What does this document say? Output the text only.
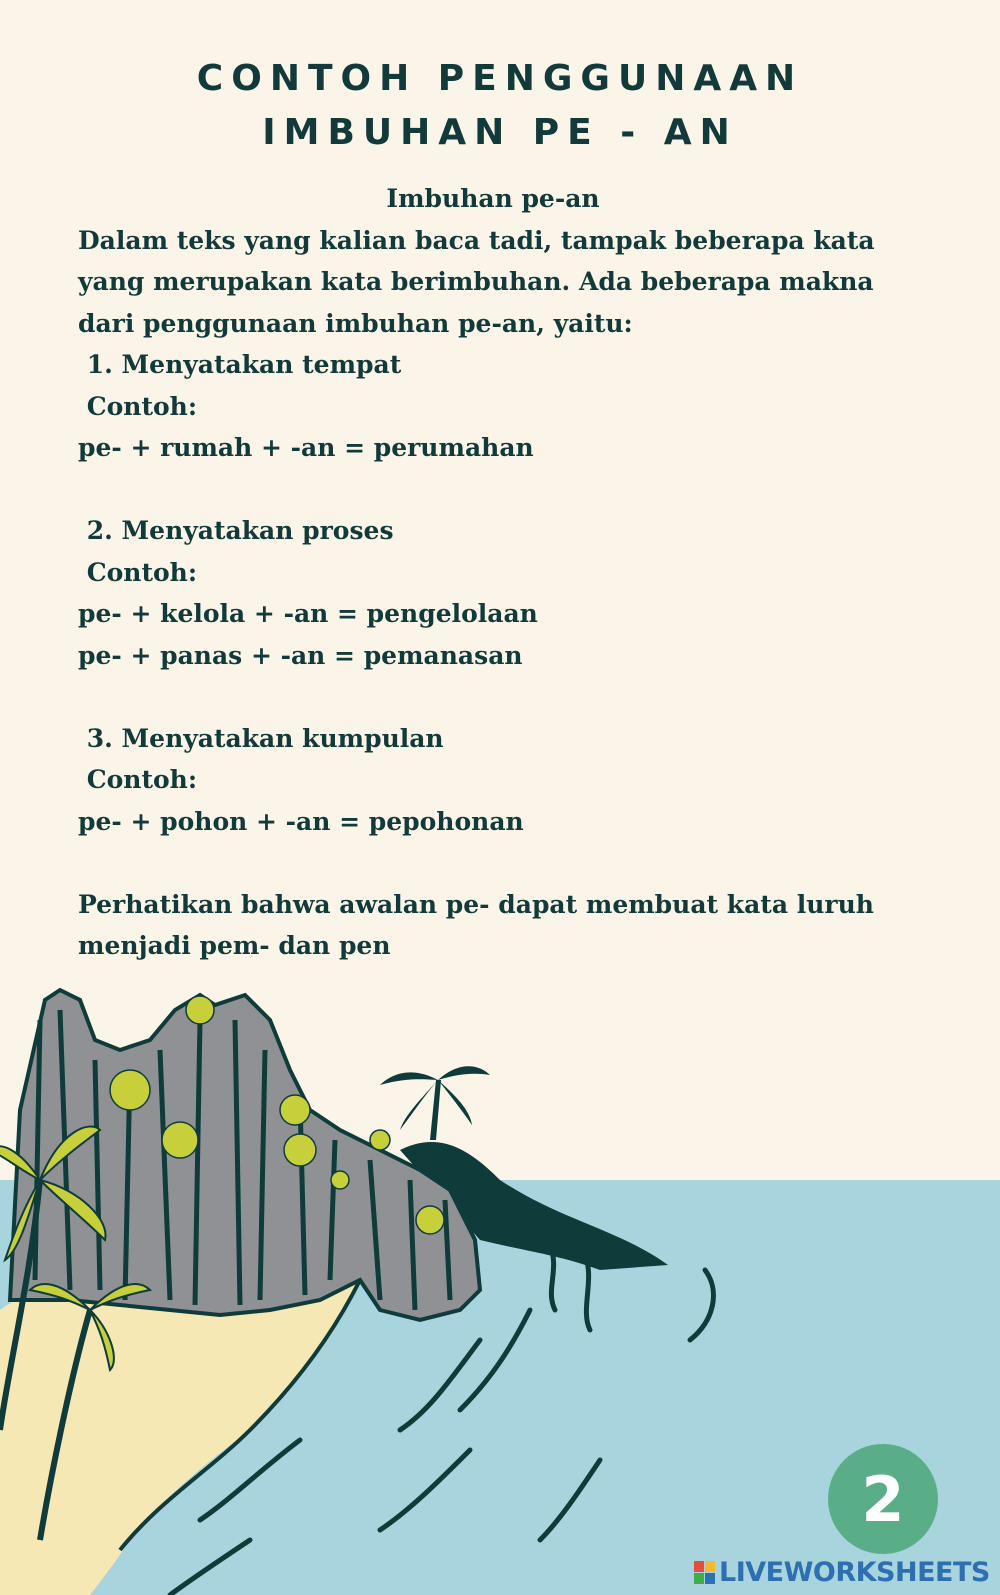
CONTOH PENGGUNAAN
IMBUHAN PE - AN

Imbuhan pe-an

Dalam teks yang kalian baca tadi, tampak beberapa kata yang merupakan kata berimbuhan. Ada beberapa makna dari penggunaan imbuhan pe-an, yaitu:

1. Menyatakan tempat

Contoh:

pe- + rumah + -an = perumahan

2. Menyatakan proses

Contoh:

pe- + kelola + -an = pengelolaan

pe- + panas + -an = pemanasan

3. Menyatakan kumpulan

Contoh:

pe- + pohon + -an = pepohonan

Perhatikan bahwa awalan pe- dapat membuat kata luruh menjadi pem- dan pen

2
LIVEWORKSHEETS
